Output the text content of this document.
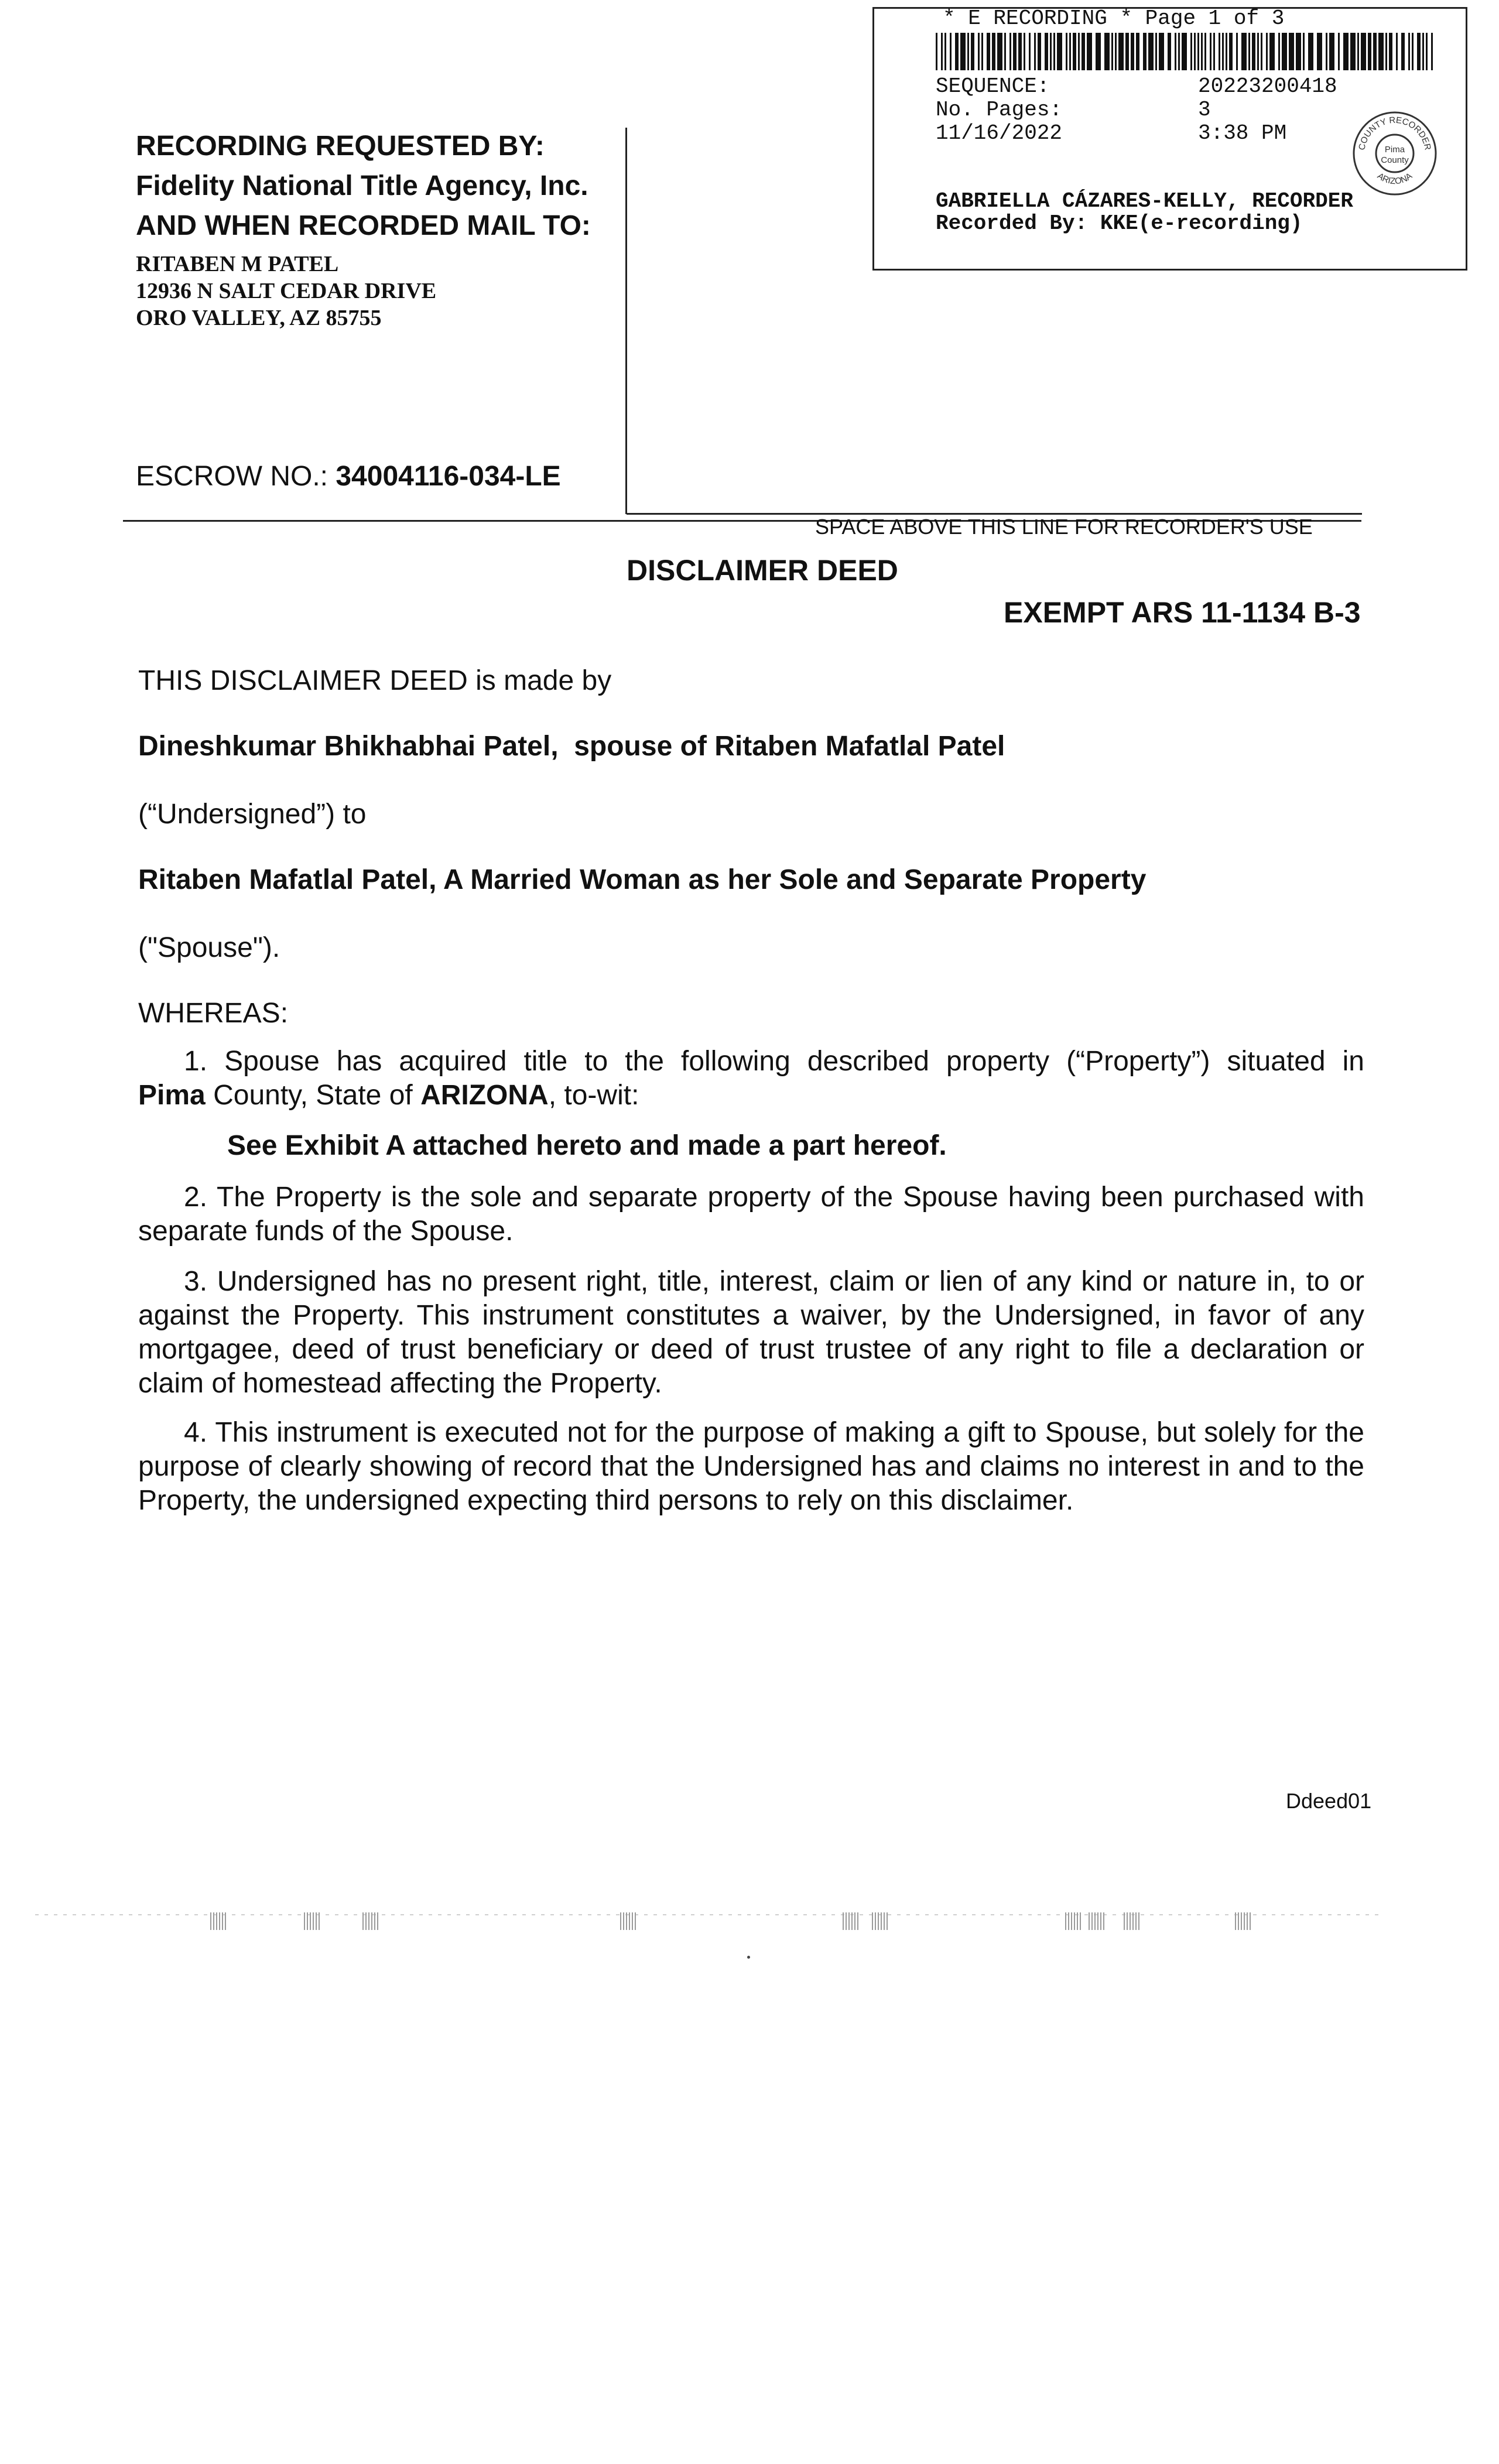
* E RECORDING * Page 1 of 3
SEQUENCE:	20223200418
No. Pages:	3
11/16/2022	3:38 PM
COUNTY RECORDER
ARIZONA
Pima
County
GABRIELLA CÁZARES-KELLY, RECORDER
Recorded By: KKE(e-recording)
RECORDING REQUESTED BY:
Fidelity National Title Agency, Inc.
AND WHEN RECORDED MAIL TO:
RITABEN M PATEL
12936 N SALT CEDAR DRIVE
ORO VALLEY, AZ 85755
ESCROW NO.: 34004116-034-LE
SPACE ABOVE THIS LINE FOR RECORDER'S USE
DISCLAIMER DEED
EXEMPT ARS 11-1134 B-3
THIS DISCLAIMER DEED is made by
Dineshkumar Bhikhabhai Patel, spouse of Ritaben Mafatlal Patel
(“Undersigned”) to
Ritaben Mafatlal Patel, A Married Woman as her Sole and Separate Property
("Spouse").
WHEREAS:
1. Spouse has acquired title to the following described property (“Property”) situated in
Pima County, State of ARIZONA, to-wit:
See Exhibit A attached hereto and made a part hereof.
2. The Property is the sole and separate property of the Spouse having been purchased with separate funds of the Spouse.
3. Undersigned has no present right, title, interest, claim or lien of any kind or nature in, to or against the Property. This instrument constitutes a waiver, by the Undersigned, in favor of any mortgagee, deed of trust beneficiary or deed of trust trustee of any right to file a declaration or claim of homestead affecting the Property.
4. This instrument is executed not for the purpose of making a gift to Spouse, but solely for the purpose of clearly showing of record that the Undersigned has and claims no interest in and to the Property, the undersigned expecting third persons to rely on this disclaimer.
Ddeed01
